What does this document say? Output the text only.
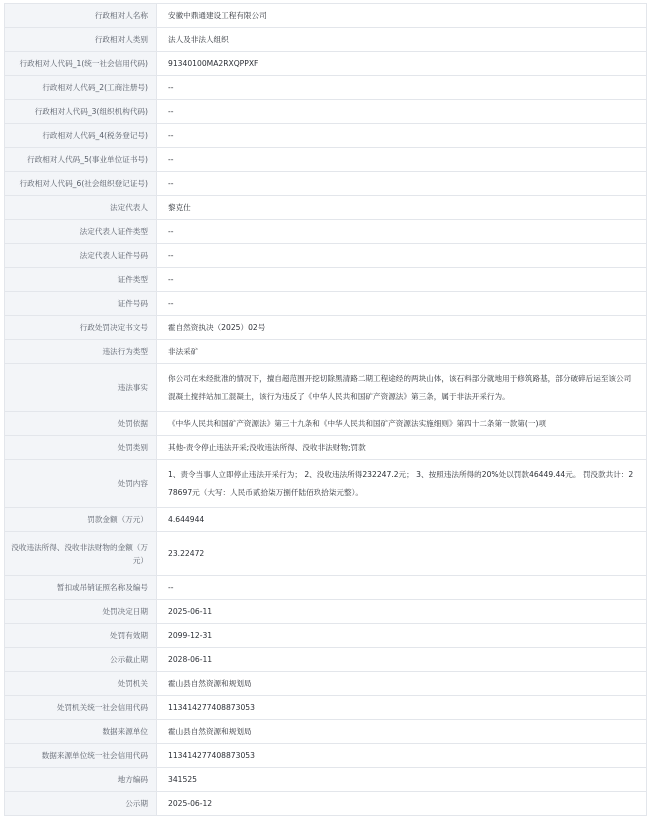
行政相对人名称	安徽中鼎通建设工程有限公司
行政相对人类别	法人及非法人组织
行政相对人代码_1(统一社会信用代码)	91340100MA2RXQPPXF
行政相对人代码_2(工商注册号)	--
行政相对人代码_3(组织机构代码)	--
行政相对人代码_4(税务登记号)	--
行政相对人代码_5(事业单位证书号)	--
行政相对人代码_6(社会组织登记证号)	--
法定代表人	黎克仕
法定代表人证件类型	--
法定代表人证件号码	--
证件类型	--
证件号码	--
行政处罚决定书文号	霍自然资执决（2025）02号
违法行为类型	非法采矿
违法事实	你公司在未经批准的情况下，擅自超范围开挖切除黑清路二期工程途经的两块山体，该石料部分就地用于修筑路基，部分破碎后运至该公司混凝土搅拌站加工混凝土，该行为违反了《中华人民共和国矿产资源法》第三条，属于非法开采行为。
处罚依据	《中华人民共和国矿产资源法》第三十九条和《中华人民共和国矿产资源法实施细则》第四十二条第一款第(一)项
处罚类别	其他-责令停止违法开采;没收违法所得、没收非法财物;罚款
处罚内容	1、责令当事人立即停止违法开采行为； 2、没收违法所得232247.2元； 3、按照违法所得的20%处以罚款46449.44元。 罚没款共计：278697元（大写：人民币贰拾柒万捌仟陆佰玖拾柒元整）。
罚款金额（万元）	4.644944
没收违法所得、没收非法财物的金额（万元）	23.22472
暂扣或吊销证照名称及编号	--
处罚决定日期	2025-06-11
处罚有效期	2099-12-31
公示截止期	2028-06-11
处罚机关	霍山县自然资源和规划局
处罚机关统一社会信用代码	113414277408873053
数据来源单位	霍山县自然资源和规划局
数据来源单位统一社会信用代码	113414277408873053
地方编码	341525
公示期	2025-06-12
